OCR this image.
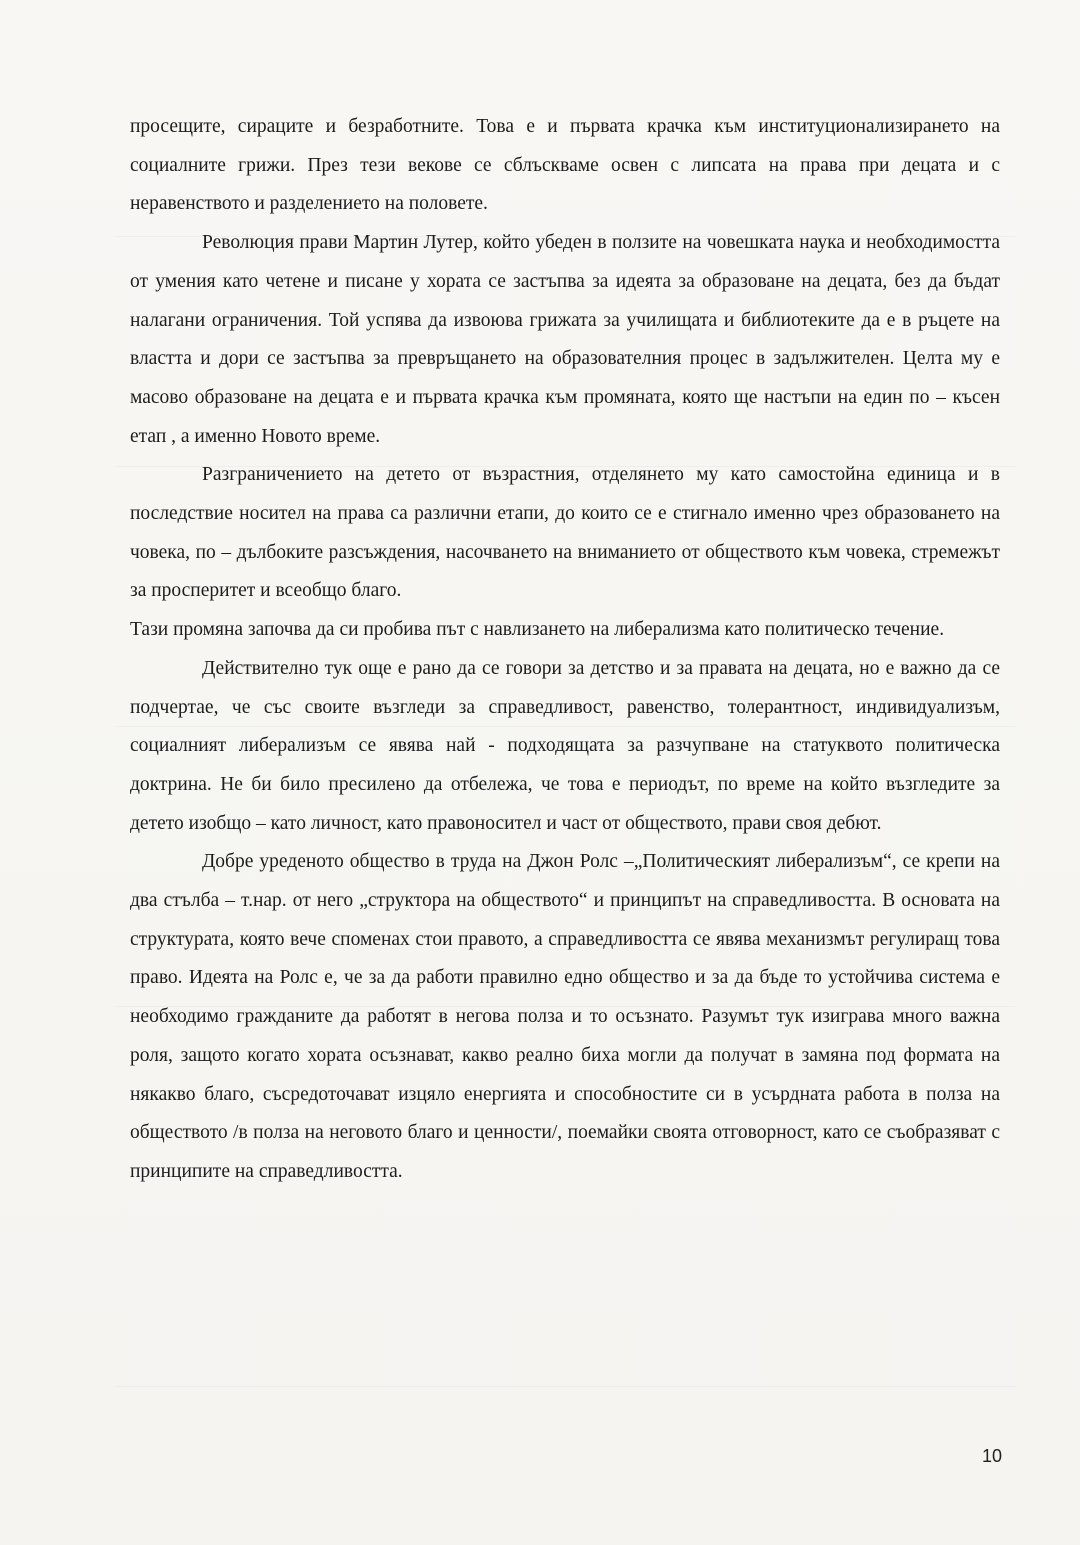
просещите, сираците и безработните. Това е и първата крачка към институционализирането на социалните грижи. През тези векове се сблъскваме освен с липсата на права при децата и с неравенството и разделението на половете.

Революция прави Мартин Лутер, който убеден в ползите на човешката наука и необходимостта от умения като четене и писане у хората се застъпва за идеята за образоване на децата, без да бъдат налагани ограничения. Той успява да извоюва грижата за училищата и библиотеките да е в ръцете на властта и дори се застъпва за превръщането на образователния процес в задължителен. Целта му е масово образоване на децата е и първата крачка към промяната, която ще настъпи на един по – късен етап , а именно Новото време.

Разграничението на детето от възрастния, отделянето му като самостойна единица и в последствие носител на права са различни етапи, до които се е стигнало именно чрез образоването на човека, по – дълбоките разсъждения, насочването на вниманието от обществото към човека, стремежът за просперитет и всеобщо благо.

Тази промяна започва да си пробива път с навлизането на либерализма като политическо течение.

Действително тук още е рано да се говори за детство и за правата на децата, но е важно да се подчертае, че със своите възгледи за справедливост, равенство, толерантност, индивидуализъм, социалният либерализъм се явява най - подходящата за разчупване на статуквото политическа доктрина. Не би било пресилено да отбележа, че това е периодът, по време на който възгледите за детето изобщо – като личност, като правоносител и част от обществото, прави своя дебют.

Добре уреденото общество в труда на Джон Ролс –„Политическият либерализъм“, се крепи на два стълба – т.нар. от него „структора на обществото“ и принципът на справедливостта. В основата на структурата, която вече споменах стои правото, а справедливостта се явява механизмът регулиращ това право. Идеята на Ролс е, че за да работи правилно едно общество и за да бъде то устойчива система е необходимо гражданите да работят в негова полза и то осъзнато. Разумът тук изиграва много важна роля, защото когато хората осъзнават, какво реално биха могли да получат в замяна под формата на някакво благо, съсредоточават изцяло енергията и способностите си в усърдната работа в полза на обществото /в полза на неговото благо и ценности/, поемайки своята отговорност, като се съобразяват с принципите на справедливостта.

10
